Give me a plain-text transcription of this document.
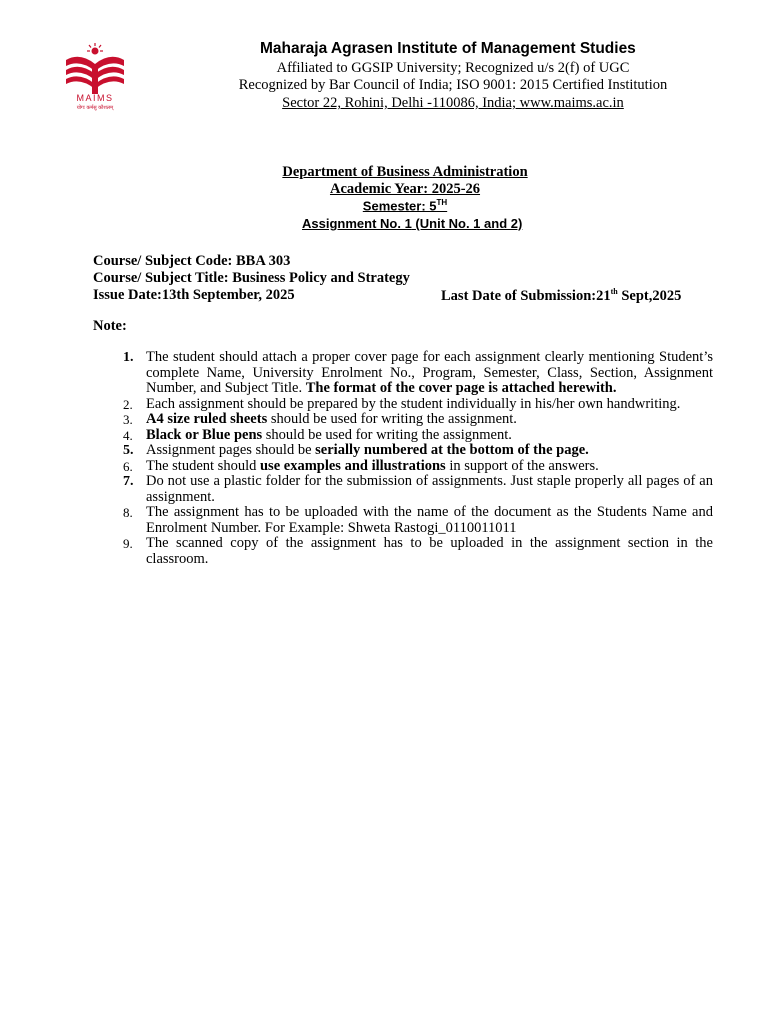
MAIMS
योगः कर्मसु कौशलम्
Maharaja Agrasen Institute of Management Studies
Affiliated to GGSIP University; Recognized u/s 2(f) of UGC
Recognized by Bar Council of India; ISO 9001: 2015 Certified Institution
Sector 22, Rohini, Delhi -110086, India; www.maims.ac.in
Department of Business Administration
Academic Year: 2025-26
Semester: 5TH
Assignment No. 1 (Unit No. 1 and 2)
Course/ Subject Code: BBA 303
Course/ Subject Title: Business Policy and Strategy
Issue Date:13th September, 2025	Last Date of Submission:21th Sept,2025
Note:
1. The student should attach a proper cover page for each assignment clearly mentioning Student’s complete Name, University Enrolment No., Program, Semester, Class, Section, Assignment Number, and Subject Title. The format of the cover page is attached herewith.
2. Each assignment should be prepared by the student individually in his/her own handwriting.
3. A4 size ruled sheets should be used for writing the assignment.
4. Black or Blue pens should be used for writing the assignment.
5. Assignment pages should be serially numbered at the bottom of the page.
6. The student should use examples and illustrations in support of the answers.
7. Do not use a plastic folder for the submission of assignments. Just staple properly all pages of an assignment.
8. The assignment has to be uploaded with the name of the document as the Students Name and Enrolment Number. For Example: Shweta Rastogi_0110011011
9. The scanned copy of the assignment has to be uploaded in the assignment section in the classroom.
